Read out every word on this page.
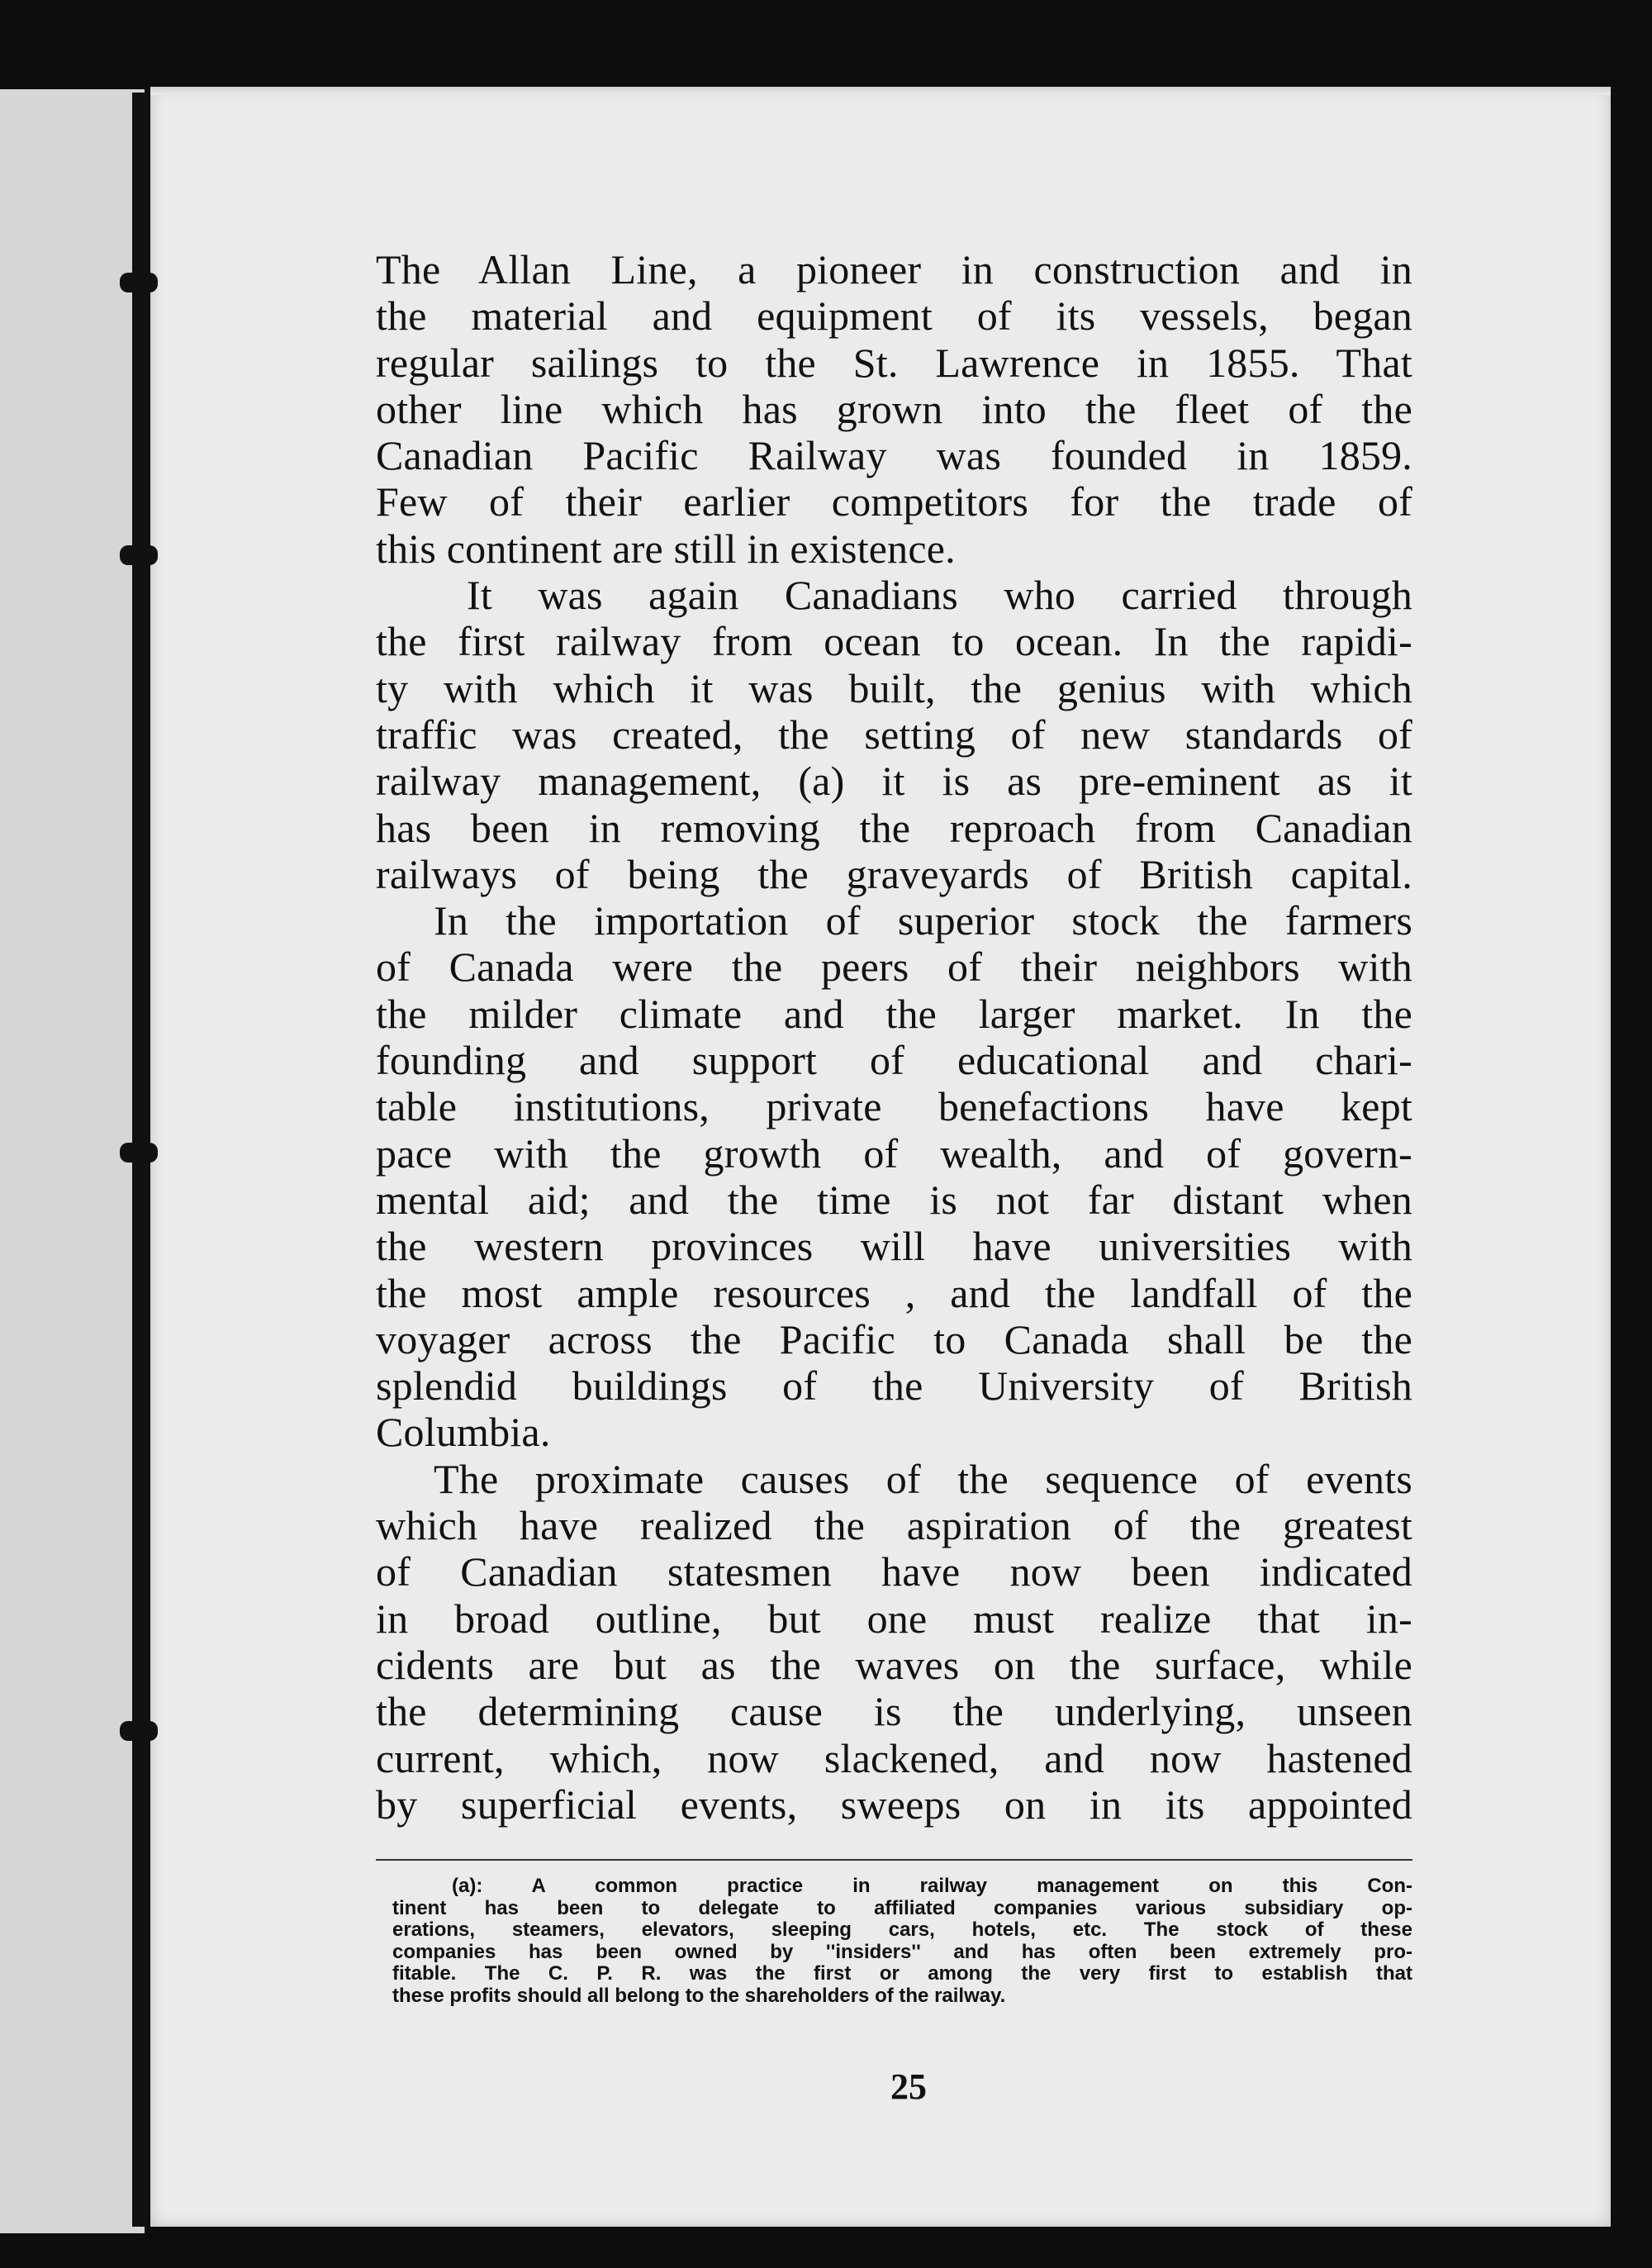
The Allan Line, a pioneer in construction and in
the material and equipment of its vessels, began
regular sailings to the St. Lawrence in 1855. That
other line which has grown into the fleet of the
Canadian Pacific Railway was founded in 1859.
Few of their earlier competitors for the trade of
this continent are still in existence.
It was again Canadians who carried through
the first railway from ocean to ocean. In the rapidi-
ty with which it was built, the genius with which
traffic was created, the setting of new standards of
railway management, (a) it is as pre-eminent as it
has been in removing the reproach from Canadian
railways of being the graveyards of British capital.
In the importation of superior stock the farmers
of Canada were the peers of their neighbors with
the milder climate and the larger market. In the
founding and support of educational and chari-
table institutions, private benefactions have kept
pace with the growth of wealth, and of govern-
mental aid; and the time is not far distant when
the western provinces will have universities with
the most ample resources , and the landfall of the
voyager across the Pacific to Canada shall be the
splendid buildings of the University of British
Columbia.
The proximate causes of the sequence of events
which have realized the aspiration of the greatest
of Canadian statesmen have now been indicated
in broad outline, but one must realize that in-
cidents are but as the waves on the surface, while
the determining cause is the underlying, unseen
current, which, now slackened, and now hastened
by superficial events, sweeps on in its appointed
(a): A common practice in railway management on this Con-
tinent has been to delegate to affiliated companies various subsidiary op-
erations, steamers, elevators, sleeping cars, hotels, etc. The stock of these
companies has been owned by ''insiders'' and has often been extremely pro-
fitable. The C. P. R. was the first or among the very first to establish that
these profits should all belong to the shareholders of the railway.
25
